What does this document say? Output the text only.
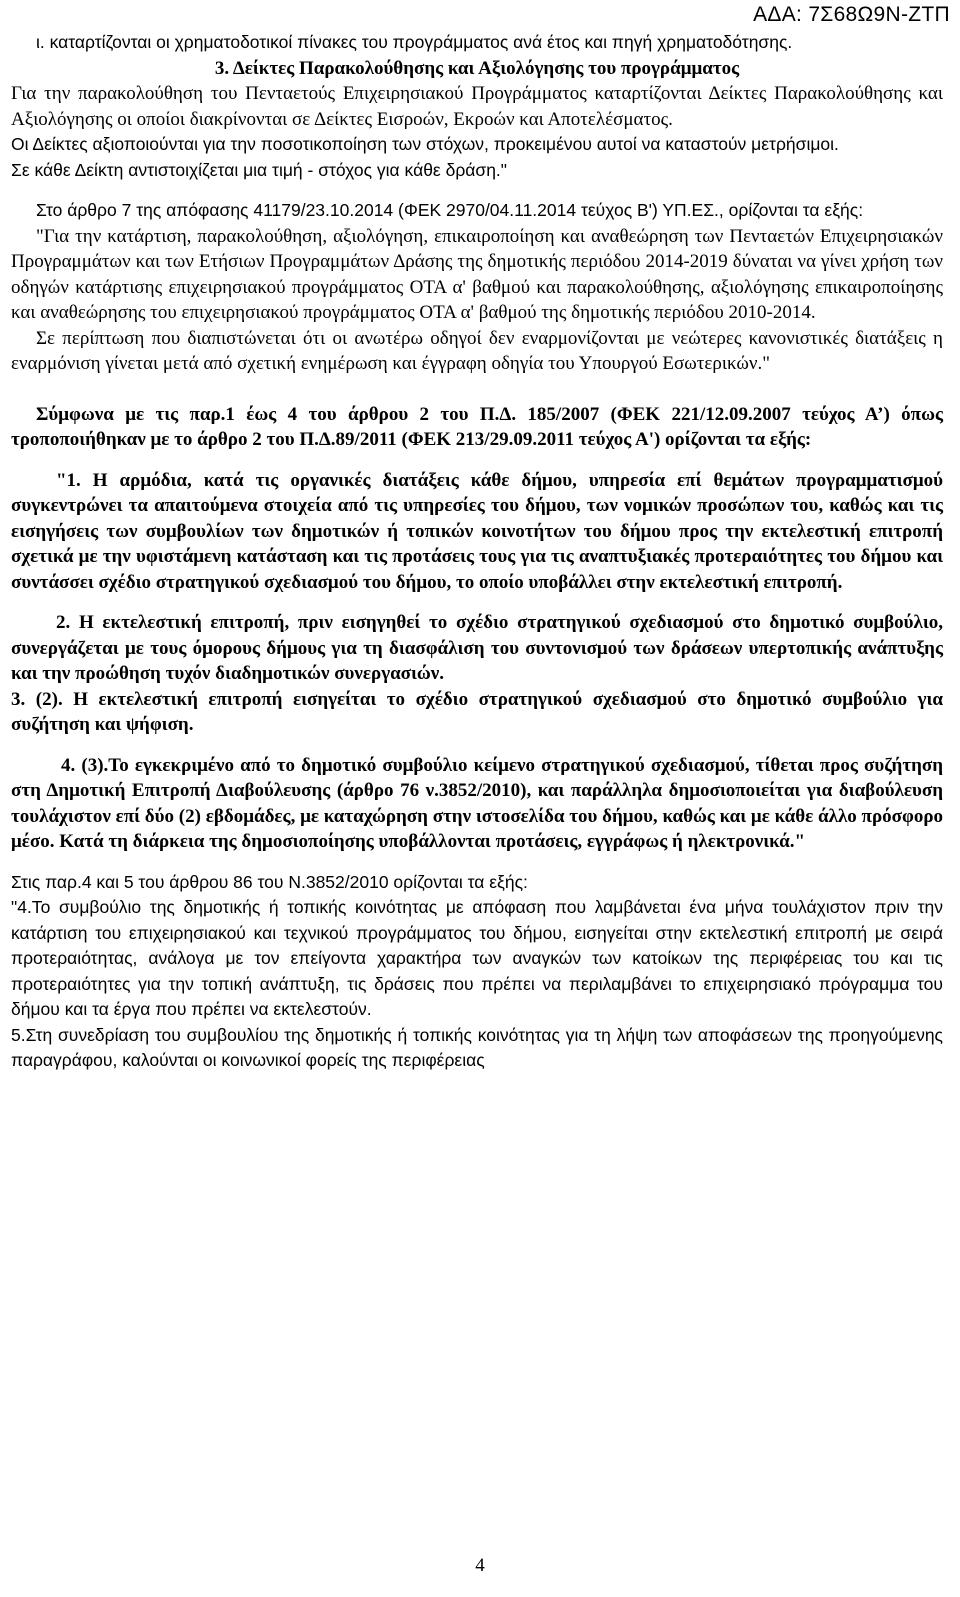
ΑΔΑ: 7Σ68Ω9Ν-ΖΤΠ

ι. καταρτίζονται οι χρηματοδοτικοί πίνακες του προγράμματος ανά έτος και πηγή χρηματοδότησης.

3. Δείκτες Παρακολούθησης και Αξιολόγησης του προγράμματος

Για την παρακολούθηση του Πενταετούς Επιχειρησιακού Προγράμματος καταρτίζονται Δείκτες Παρακολούθησης και Αξιολόγησης οι οποίοι διακρίνονται σε Δείκτες Εισροών, Εκροών και Αποτελέσματος.

Οι Δείκτες αξιοποιούνται για την ποσοτικοποίηση των στόχων, προκειμένου αυτοί να καταστούν μετρήσιμοι.

Σε κάθε Δείκτη αντιστοιχίζεται μια τιμή - στόχος για κάθε δράση."

Στο άρθρο 7 της απόφασης 41179/23.10.2014 (ΦΕΚ 2970/04.11.2014 τεύχος Β') ΥΠ.ΕΣ., ορίζονται τα εξής:

"Για την κατάρτιση, παρακολούθηση, αξιολόγηση, επικαιροποίηση και αναθεώρηση των Πενταετών Επιχειρησιακών Προγραμμάτων και των Ετήσιων Προγραμμάτων Δράσης της δημοτικής περιόδου 2014-2019 δύναται να γίνει χρήση των οδηγών κατάρτισης επιχειρησιακού προγράμματος ΟΤΑ α' βαθμού και παρακολούθησης, αξιολόγησης επικαιροποίησης και αναθεώρησης του επιχειρησιακού προγράμματος ΟΤΑ α' βαθμού της δημοτικής περιόδου 2010-2014.

Σε περίπτωση που διαπιστώνεται ότι οι ανωτέρω οδηγοί δεν εναρμονίζονται με νεώτερες κανονιστικές διατάξεις η εναρμόνιση γίνεται μετά από σχετική ενημέρωση και έγγραφη οδηγία του Υπουργού Εσωτερικών."

Σύμφωνα με τις παρ.1 έως 4 του άρθρου 2 του Π.Δ. 185/2007 (ΦΕΚ 221/12.09.2007 τεύχος Α’) όπως τροποποιήθηκαν με το άρθρο 2 του Π.Δ.89/2011 (ΦΕΚ 213/29.09.2011 τεύχος Α') ορίζονται τα εξής:

"1. Η αρμόδια, κατά τις οργανικές διατάξεις κάθε δήμου, υπηρεσία επί θεμάτων προγραμματισμού συγκεντρώνει τα απαιτούμενα στοιχεία από τις υπηρεσίες του δήμου, των νομικών προσώπων του, καθώς και τις εισηγήσεις των συμβουλίων των δημοτικών ή τοπικών κοινοτήτων του δήμου προς την εκτελεστική επιτροπή σχετικά με την υφιστάμενη κατάσταση και τις προτάσεις τους για τις αναπτυξιακές προτεραιότητες του δήμου και συντάσσει σχέδιο στρατηγικού σχεδιασμού του δήμου, το οποίο υποβάλλει στην εκτελεστική επιτροπή.

2. Η εκτελεστική επιτροπή, πριν εισηγηθεί το σχέδιο στρατηγικού σχεδιασμού στο δημοτικό συμβούλιο, συνεργάζεται με τους όμορους δήμους για τη διασφάλιση του συντονισμού των δράσεων υπερτοπικής ανάπτυξης και την προώθηση τυχόν διαδημοτικών συνεργασιών.

3. (2). Η εκτελεστική επιτροπή εισηγείται το σχέδιο στρατηγικού σχεδιασμού στο δημοτικό συμβούλιο για συζήτηση και ψήφιση.

4. (3).Το εγκεκριμένο από το δημοτικό συμβούλιο κείμενο στρατηγικού σχεδιασμού, τίθεται προς συζήτηση στη Δημοτική Επιτροπή Διαβούλευσης (άρθρο 76 ν.3852/2010), και παράλληλα δημοσιοποιείται για διαβούλευση τουλάχιστον επί δύο (2) εβδομάδες, με καταχώρηση στην ιστοσελίδα του δήμου, καθώς και με κάθε άλλο πρόσφορο μέσο. Κατά τη διάρκεια της δημοσιοποίησης υποβάλλονται προτάσεις, εγγράφως ή ηλεκτρονικά."

Στις παρ.4 και 5 του άρθρου 86 του Ν.3852/2010 ορίζονται τα εξής:

"4.Το συμβούλιο της δημοτικής ή τοπικής κοινότητας με απόφαση που λαμβάνεται ένα μήνα τουλάχιστον πριν την κατάρτιση του επιχειρησιακού και τεχνικού προγράμματος του δήμου, εισηγείται στην εκτελεστική επιτροπή με σειρά προτεραιότητας, ανάλογα με τον επείγοντα χαρακτήρα των αναγκών των κατοίκων της περιφέρειας του και τις προτεραιότητες για την τοπική ανάπτυξη, τις δράσεις που πρέπει να περιλαμβάνει το επιχειρησιακό πρόγραμμα του δήμου και τα έργα που πρέπει να εκτελεστούν.

5.Στη συνεδρίαση του συμβουλίου της δημοτικής ή τοπικής κοινότητας για τη λήψη των αποφάσεων της προηγούμενης παραγράφου, καλούνται οι κοινωνικοί φορείς της περιφέρειας

4
